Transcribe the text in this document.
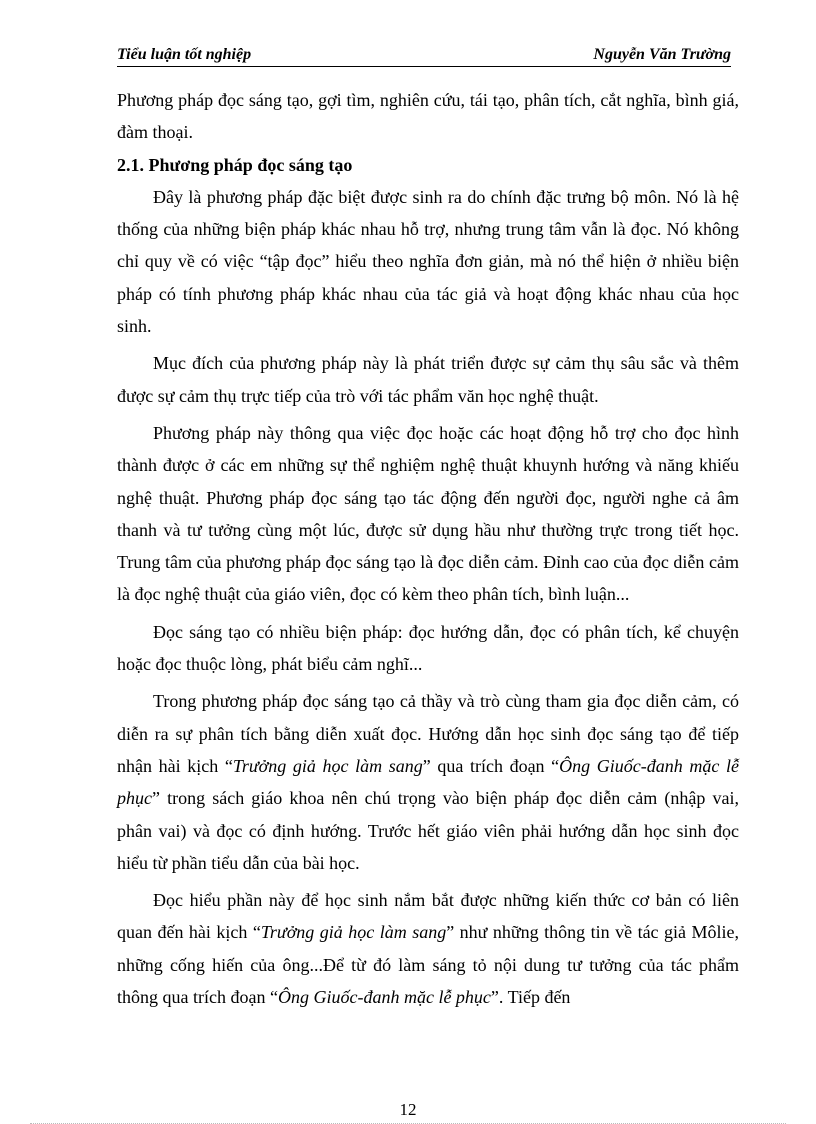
Tiểu luận tốt nghiệp	Nguyễn Văn Trường

Phương pháp đọc sáng tạo, gợi tìm, nghiên cứu, tái tạo, phân tích, cắt nghĩa, bình giá, đàm thoại.

2.1. Phương pháp đọc sáng tạo

Đây là phương pháp đặc biệt được sinh ra do chính đặc trưng bộ môn. Nó là hệ thống của những biện pháp khác nhau hỗ trợ, nhưng trung tâm vẫn là đọc. Nó không chỉ quy về có việc “tập đọc” hiểu theo nghĩa đơn giản, mà nó thể hiện ở nhiều biện pháp có tính phương pháp khác nhau của tác giả và hoạt động khác nhau của học sinh.

Mục đích của phương pháp này là phát triển được sự cảm thụ sâu sắc và thêm được sự cảm thụ trực tiếp của trò với tác phẩm văn học nghệ thuật.

Phương pháp này thông qua việc đọc hoặc các hoạt động hỗ trợ cho đọc hình thành được ở các em những sự thể nghiệm nghệ thuật khuynh hướng và năng khiếu nghệ thuật. Phương pháp đọc sáng tạo tác động đến người đọc, người nghe cả âm thanh và tư tưởng cùng một lúc, được sử dụng hầu như thường trực trong tiết học. Trung tâm của phương pháp đọc sáng tạo là đọc diễn cảm. Đỉnh cao của đọc diễn cảm là đọc nghệ thuật của giáo viên, đọc có kèm theo phân tích, bình luận...

Đọc sáng tạo có nhiều biện pháp: đọc hướng dẫn, đọc có phân tích, kể chuyện hoặc đọc thuộc lòng, phát biểu cảm nghĩ...

Trong phương pháp đọc sáng tạo cả thầy và trò cùng tham gia đọc diễn cảm, có diễn ra sự phân tích bằng diễn xuất đọc. Hướng dẫn học sinh đọc sáng tạo để tiếp nhận hài kịch “Trưởng giả học làm sang” qua trích đoạn “Ông Giuốc-đanh mặc lễ phục” trong sách giáo khoa nên chú trọng vào biện pháp đọc diễn cảm (nhập vai, phân vai) và đọc có định hướng. Trước hết giáo viên phải hướng dẫn học sinh đọc hiểu từ phần tiểu dẫn của bài học.

Đọc hiểu phần này để học sinh nắm bắt được những kiến thức cơ bản có liên quan đến hài kịch “Trưởng giả học làm sang” như những thông tin về tác giả Môlie, những cống hiến của ông...Để từ đó làm sáng tỏ nội dung tư tưởng của tác phẩm thông qua trích đoạn “Ông Giuốc-đanh mặc lễ phục”. Tiếp đến

12
